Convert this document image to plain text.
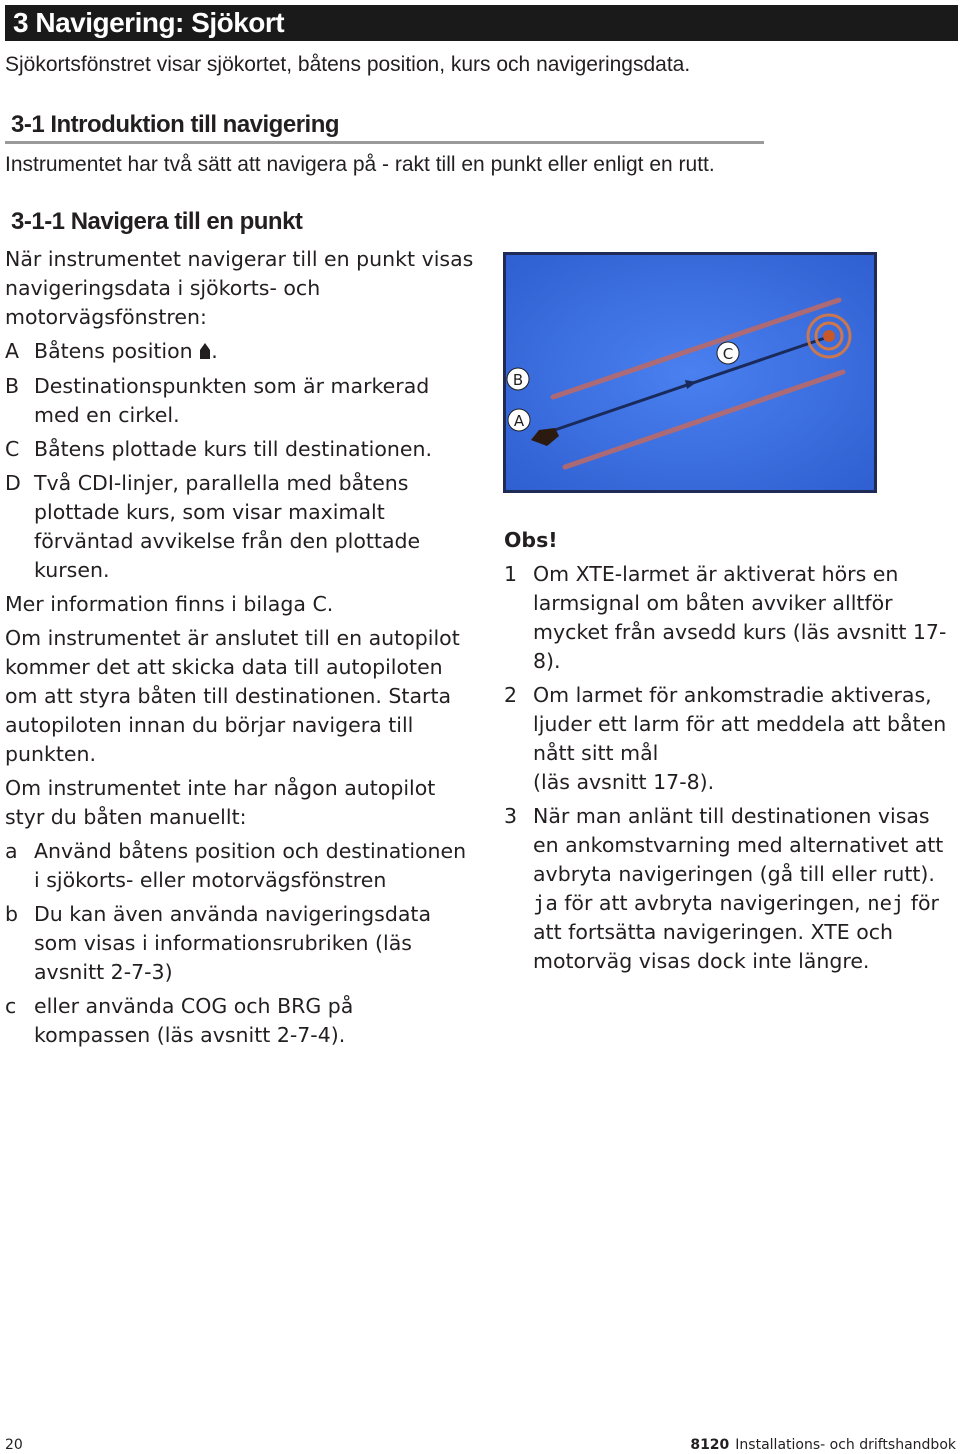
3 Navigering: Sjökort
Sjökortsfönstret visar sjökortet, båtens position, kurs och navigeringsdata.
3-1 Introduktion till navigering
Instrumentet har två sätt att navigera på - rakt till en punkt eller enligt en rutt.
3-1-1 Navigera till en punkt

När instrumentet navigerar till en punkt visas navigeringsdata i sjökorts- och motorvägsfönstren:

A Båtens position .
B Destinationspunkten som är markerad med en cirkel.
C Båtens plottade kurs till destinationen.
D Två CDI-linjer, parallella med båtens plottade kurs, som visar maximalt förväntad avvikelse från den plottade kursen.

Mer information finns i bilaga C.

Om instrumentet är anslutet till en autopilot kommer det att skicka data till autopiloten om att styra båten till destinationen. Starta autopiloten innan du börjar navigera till punkten.

Om instrumentet inte har någon autopilot styr du båten manuellt:

a Använd båtens position och destinationen i sjökorts- eller motorvägsfönstren
b Du kan även använda navigeringsdata som visas i informationsrubriken (läs avsnitt 2-7-3)
c eller använda COG och BRG på kompassen (läs avsnitt 2-7-4).
A
B
C
Obs!
1 Om XTE-larmet är aktiverat hörs en larmsignal om båten avviker alltför mycket från avsedd kurs (läs avsnitt 17-8).
2 Om larmet för ankomstradie aktiveras, ljuder ett larm för att meddela att båten nått sitt mål
(läs avsnitt 17-8).
3 När man anlänt till destinationen visas en ankomstvarning med alternativet att avbryta navigeringen (gå till eller rutt). ja för att avbryta navigeringen, nej för att fortsätta navigeringen. XTE och motorväg visas dock inte längre.
20	8120 Installations- och driftshandbok
